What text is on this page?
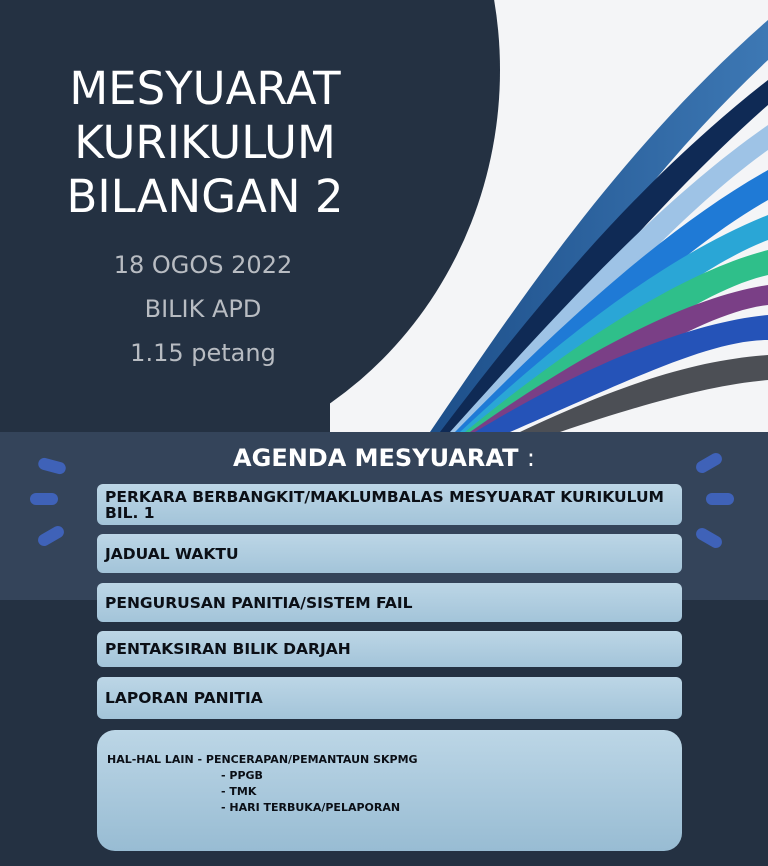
MESYUARAT
KURIKULUM
BILANGAN 2
18 OGOS 2022
BILIK APD
1.15 petang
AGENDA MESYUARAT :
PERKARA BERBANGKIT/MAKLUMBALAS MESYUARAT KURIKULUM BIL. 1
JADUAL WAKTU
PENGURUSAN PANITIA/SISTEM FAIL
PENTAKSIRAN BILIK DARJAH
LAPORAN PANITIA
HAL-HAL LAIN - PENCERAPAN/PEMANTAUN SKPMG
- PPGB
- TMK
- HARI TERBUKA/PELAPORAN
